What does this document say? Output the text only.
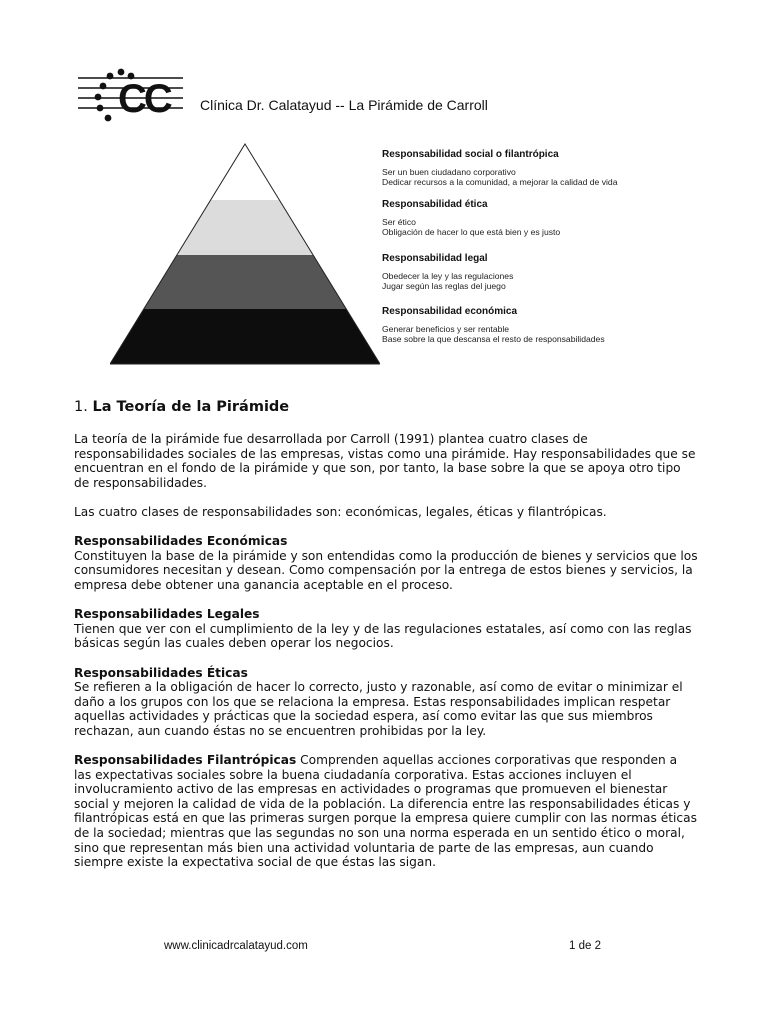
CC Clínica Dr. Calatayud -- La Pirámide de Carroll
Responsabilidad social o filantrópica
Ser un buen ciudadano corporativo
Dedicar recursos a la comunidad, a mejorar la calidad de vida
Responsabilidad ética
Ser ético
Obligación de hacer lo que está bien y es justo
Responsabilidad legal
Obedecer la ley y las regulaciones
Jugar según las reglas del juego
Responsabilidad económica
Generar beneficios y ser rentable
Base sobre la que descansa el resto de responsabilidades
1. La Teoría de la Pirámide

La teoría de la pirámide fue desarrollada por Carroll (1991) plantea cuatro clases de responsabilidades sociales de las empresas, vistas como una pirámide. Hay responsabilidades que se encuentran en el fondo de la pirámide y que son, por tanto, la base sobre la que se apoya otro tipo de responsabilidades.

Las cuatro clases de responsabilidades son: económicas, legales, éticas y filantrópicas.

Responsabilidades Económicas
Constituyen la base de la pirámide y son entendidas como la producción de bienes y servicios que los consumidores necesitan y desean. Como compensación por la entrega de estos bienes y servicios, la empresa debe obtener una ganancia aceptable en el proceso.
Responsabilidades Legales
Tienen que ver con el cumplimiento de la ley y de las regulaciones estatales, así como con las reglas básicas según las cuales deben operar los negocios.
Responsabilidades Éticas
Se refieren a la obligación de hacer lo correcto, justo y razonable, así como de evitar o minimizar el daño a los grupos con los que se relaciona la empresa. Estas responsabilidades implican respetar aquellas actividades y prácticas que la sociedad espera, así como evitar las que sus miembros rechazan, aun cuando éstas no se encuentren prohibidas por la ley.
Responsabilidades Filantrópicas Comprenden aquellas acciones corporativas que responden a las expectativas sociales sobre la buena ciudadanía corporativa. Estas acciones incluyen el involucramiento activo de las empresas en actividades o programas que promueven el bienestar social y mejoren la calidad de vida de la población. La diferencia entre las responsabilidades éticas y filantrópicas está en que las primeras surgen porque la empresa quiere cumplir con las normas éticas de la sociedad; mientras que las segundas no son una norma esperada en un sentido ético o moral, sino que representan más bien una actividad voluntaria de parte de las empresas, aun cuando siempre existe la expectativa social de que éstas las sigan.
www.clinicadrcalatayud.com	1 de 2
